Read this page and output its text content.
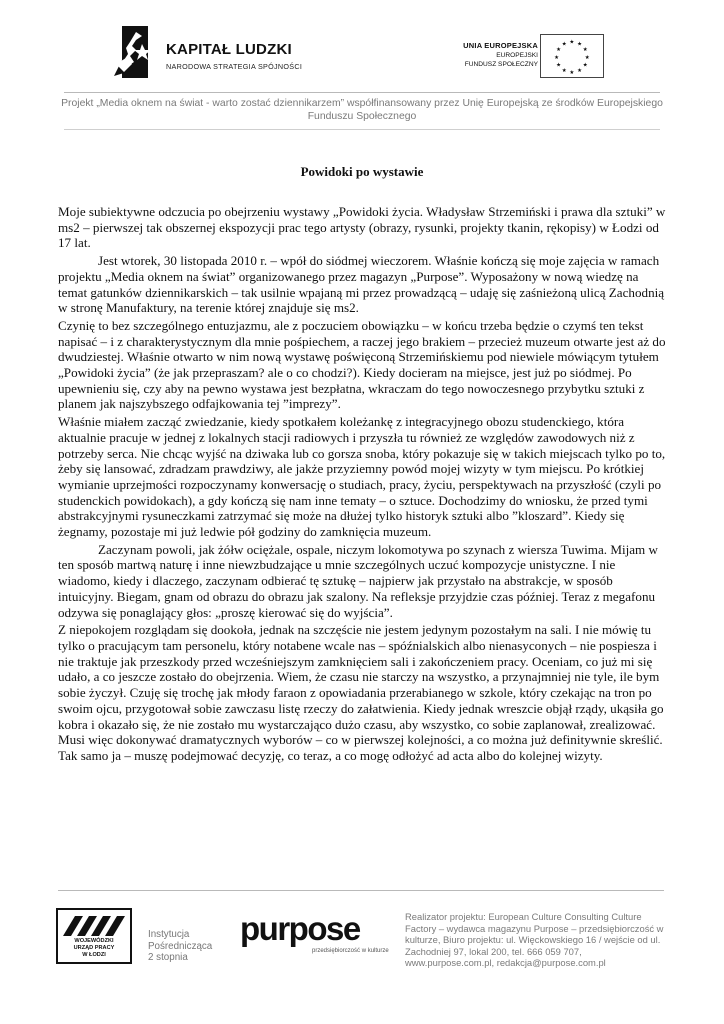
KAPITAŁ LUDZKI
NARODOWA STRATEGIA SPÓJNOŚCI
UNIA EUROPEJSKA
EUROPEJSKI
FUNDUSZ SPOŁECZNY
★ ★
★
★
★
★
★
★
★
★
★
★
Projekt „Media oknem na świat - warto zostać dziennikarzem” współfinansowany przez Unię Europejską ze środków Europejskiego Funduszu Społecznego
Powidoki po wystawie

Moje subiektywne odczucia po obejrzeniu wystawy „Powidoki życia. Władysław Strzemiński i prawa dla sztuki” w ms2 – pierwszej tak obszernej ekspozycji prac tego artysty (obrazy, rysunki, projekty tkanin, rękopisy) w Łodzi od 17 lat.

Jest wtorek, 30 listopada 2010 r. – wpół do siódmej wieczorem. Właśnie kończą się moje zajęcia w ramach projektu „Media oknem na świat” organizowanego przez magazyn „Purpose”. Wyposażony w nową wiedzę na temat gatunków dziennikarskich – tak usilnie wpajaną mi przez prowadzącą – udaję się zaśnieżoną ulicą Zachodnią w stronę Manufaktury, na terenie której znajduje się ms2.

Czynię to bez szczególnego entuzjazmu, ale z poczuciem obowiązku – w końcu trzeba będzie o czymś ten tekst napisać – i z charakterystycznym dla mnie pośpiechem, a raczej jego brakiem – przecież muzeum otwarte jest aż do dwudziestej. Właśnie otwarto w nim nową wystawę poświęconą Strzemińskiemu pod niewiele mówiącym tytułem „Powidoki życia” (że jak przepraszam? ale o co chodzi?). Kiedy docieram na miejsce, jest już po siódmej. Po upewnieniu się, czy aby na pewno wystawa jest bezpłatna, wkraczam do tego nowoczesnego przybytku sztuki z planem jak najszybszego odfajkowania tej ”imprezy”.

Właśnie miałem zacząć zwiedzanie, kiedy spotkałem koleżankę z integracyjnego obozu studenckiego, która aktualnie pracuje w jednej z lokalnych stacji radiowych i przyszła tu również ze względów zawodowych niż z potrzeby serca. Nie chcąc wyjść na dziwaka lub co gorsza snoba, który pokazuje się w takich miejscach tylko po to, żeby się lansować, zdradzam prawdziwy, ale jakże przyziemny powód mojej wizyty w tym miejscu. Po krótkiej wymianie uprzejmości rozpoczynamy konwersację o studiach, pracy, życiu, perspektywach na przyszłość (czyli po studenckich powidokach), a gdy kończą się nam inne tematy – o sztuce. Dochodzimy do wniosku, że przed tymi abstrakcyjnymi rysuneczkami zatrzymać się może na dłużej tylko historyk sztuki albo ”kloszard”. Kiedy się żegnamy, pozostaje mi już ledwie pół godziny do zamknięcia muzeum.

Zaczynam powoli, jak żółw ociężale, ospale, niczym lokomotywa po szynach z wiersza Tuwima. Mijam w ten sposób martwą naturę i inne niewzbudzające u mnie szczególnych uczuć kompozycje unistyczne. I nie wiadomo, kiedy i dlaczego, zaczynam odbierać tę sztukę – najpierw jak przystało na abstrakcje, w sposób intuicyjny. Biegam, gnam od obrazu do obrazu jak szalony. Na refleksje przyjdzie czas później. Teraz z megafonu odzywa się ponaglający głos: „proszę kierować się do wyjścia”.

Z niepokojem rozglądam się dookoła, jednak na szczęście nie jestem jedynym pozostałym na sali. I nie mówię tu tylko o pracującym tam personelu, który notabene wcale nas – spóźnialskich albo nienasyconych – nie pospiesza i nie traktuje jak przeszkody przed wcześniejszym zamknięciem sali i zakończeniem pracy. Oceniam, co już mi się udało, a co jeszcze zostało do obejrzenia. Wiem, że czasu nie starczy na wszystko, a przynajmniej nie tyle, ile bym sobie życzył. Czuję się trochę jak młody faraon z opowiadania przerabianego w szkole, który czekając na tron po swoim ojcu, przygotował sobie zawczasu listę rzeczy do załatwienia. Kiedy jednak wreszcie objął rządy, ukąsiła go kobra i okazało się, że nie zostało mu wystarczająco dużo czasu, aby wszystko, co sobie zaplanował, zrealizować. Musi więc dokonywać dramatycznych wyborów – co w pierwszej kolejności, a co można już definitywnie skreślić. Tak samo ja – muszę podejmować decyzję, co teraz, a co mogę odłożyć ad acta albo do kolejnej wizyty.

WOJEWÓDZKI
URZĄD PRACY
W ŁODZI
Instytucja
Pośrednicząca
2 stopnia
purpose
przedsiębiorczość w kulturze
Realizator projektu: European Culture Consulting Culture Factory – wydawca magazynu Purpose – przedsiębiorczość w kulturze, Biuro projektu: ul. Więckowskiego 16 / wejście od ul. Zachodniej 97, lokal 200, tel. 666 059 707, www.purpose.com.pl, redakcja@purpose.com.pl
